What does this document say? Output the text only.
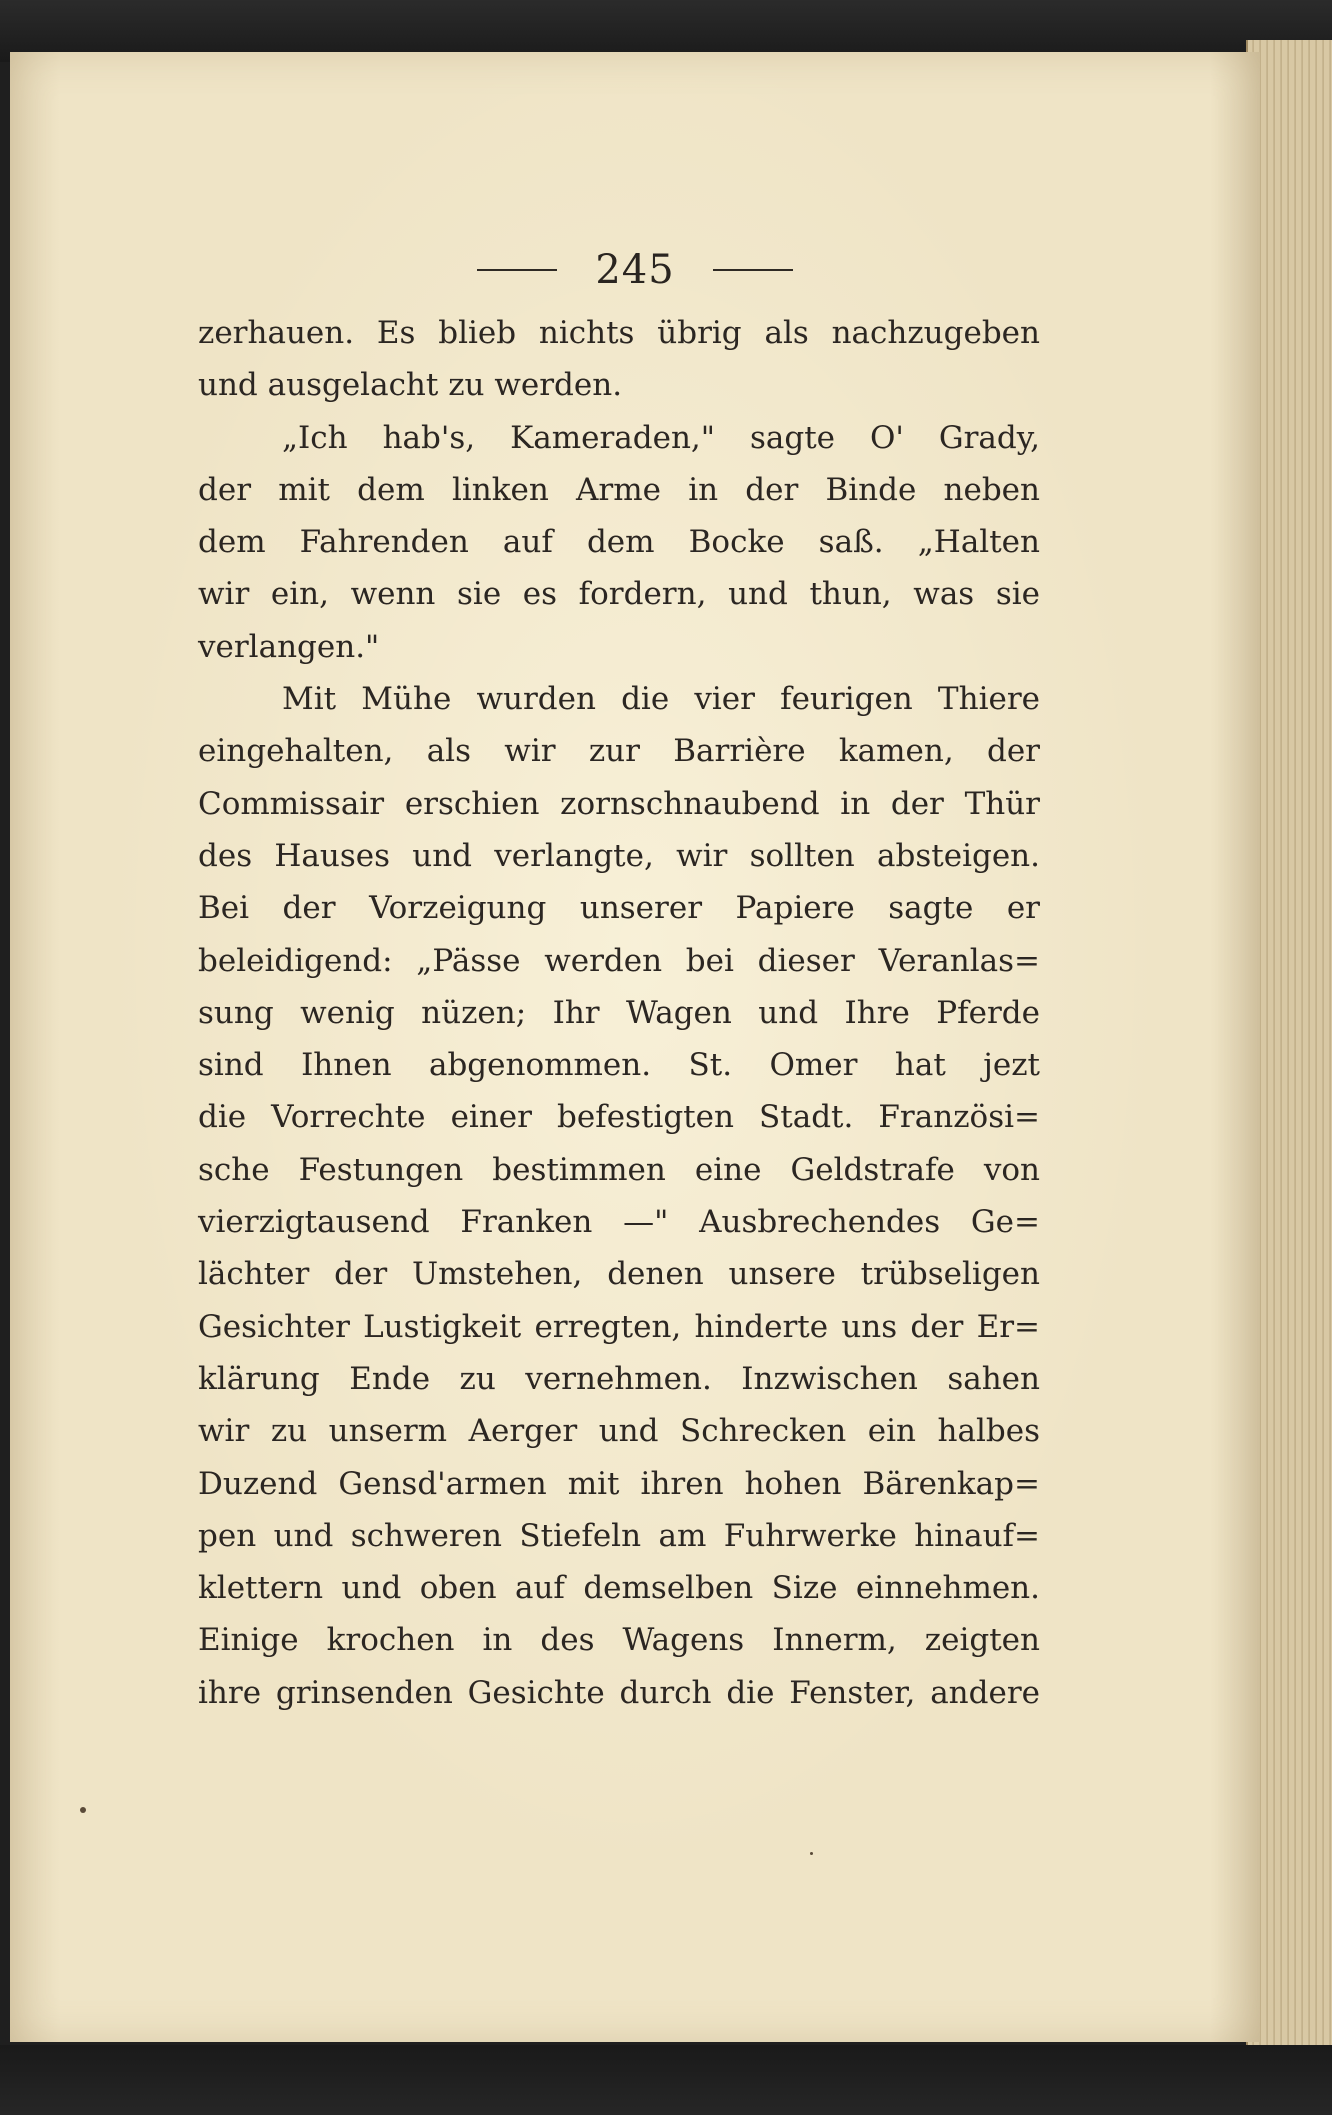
245
zerhauen. Es blieb nichts übrig als nachzugeben
und ausgelacht zu werden.
„Ich hab's, Kameraden," sagte O' Grady,
der mit dem linken Arme in der Binde neben
dem Fahrenden auf dem Bocke saß. „Halten
wir ein, wenn sie es fordern, und thun, was sie
verlangen."
Mit Mühe wurden die vier feurigen Thiere
eingehalten, als wir zur Barrière kamen, der
Commissair erschien zornschnaubend in der Thür
des Hauses und verlangte, wir sollten absteigen.
Bei der Vorzeigung unserer Papiere sagte er
beleidigend: „Pässe werden bei dieser Veranlas=
sung wenig nüzen; Ihr Wagen und Ihre Pferde
sind Ihnen abgenommen. St. Omer hat jezt
die Vorrechte einer befestigten Stadt. Französi=
sche Festungen bestimmen eine Geldstrafe von
vierzigtausend Franken —" Ausbrechendes Ge=
lächter der Umstehen, denen unsere trübseligen
Gesichter Lustigkeit erregten, hinderte uns der Er=
klärung Ende zu vernehmen. Inzwischen sahen
wir zu unserm Aerger und Schrecken ein halbes
Duzend Gensd'armen mit ihren hohen Bärenkap=
pen und schweren Stiefeln am Fuhrwerke hinauf=
klettern und oben auf demselben Size einnehmen.
Einige krochen in des Wagens Innerm, zeigten
ihre grinsenden Gesichte durch die Fenster, andere
